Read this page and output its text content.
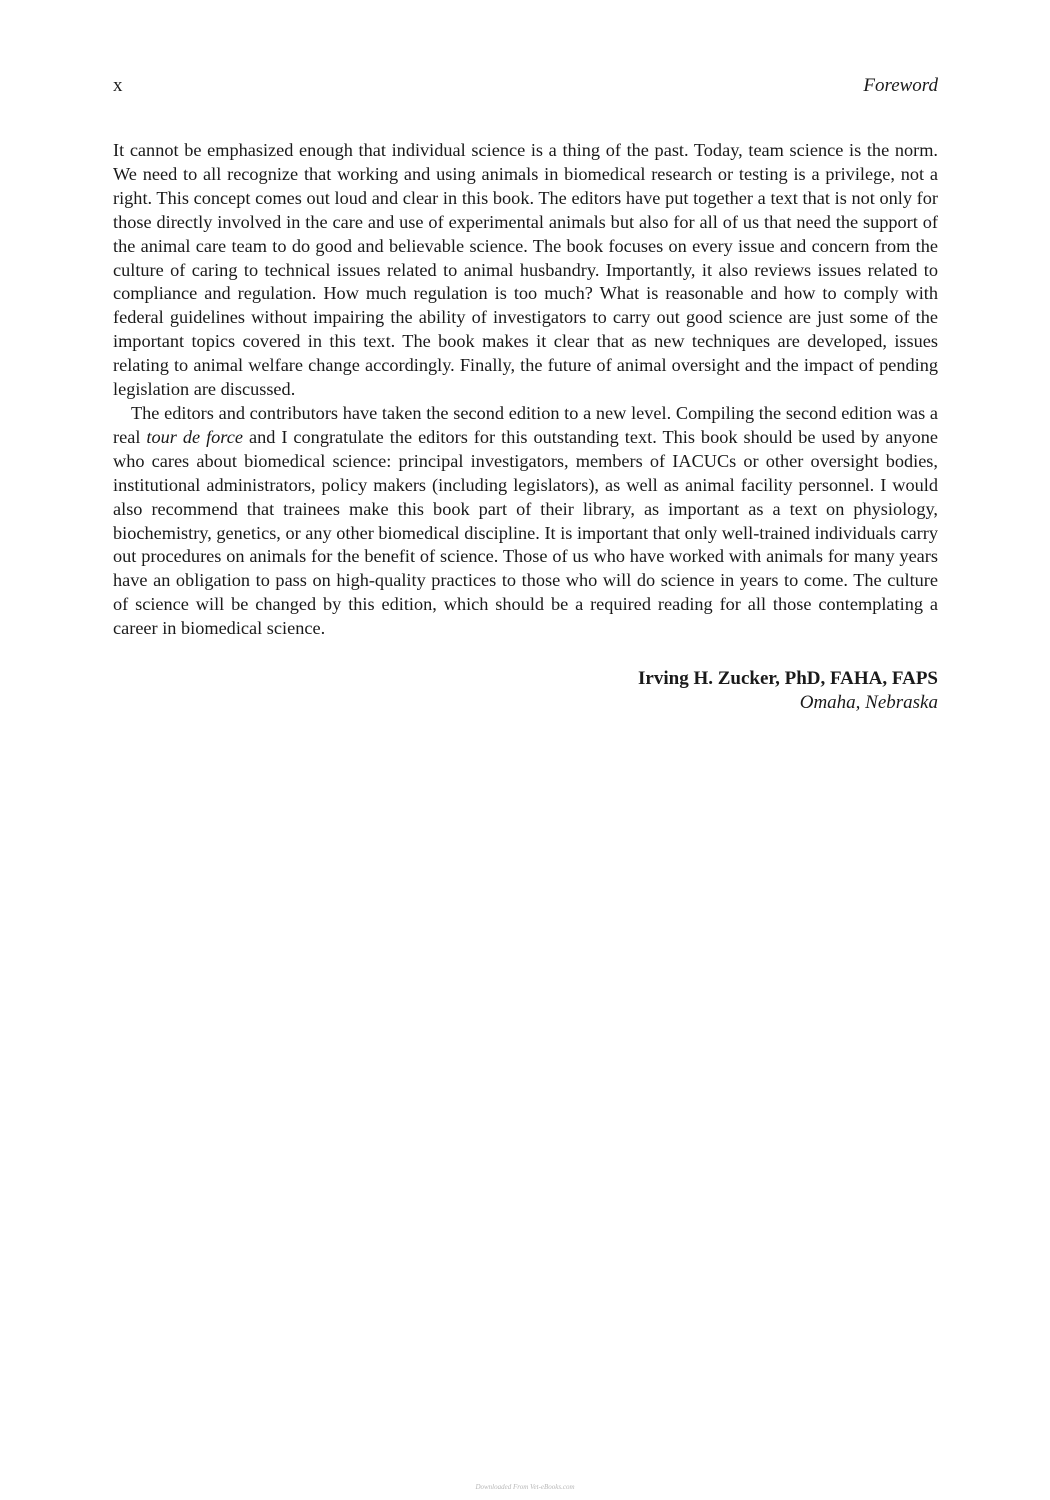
x	Foreword

It cannot be emphasized enough that individual science is a thing of the past. Today, team science is the norm. We need to all recognize that working and using animals in biomedical research or testing is a privilege, not a right. This concept comes out loud and clear in this book. The editors have put together a text that is not only for those directly involved in the care and use of experimental animals but also for all of us that need the support of the animal care team to do good and believable science. The book focuses on every issue and concern from the culture of caring to technical issues related to animal husbandry. Importantly, it also reviews issues related to compliance and regulation. How much regulation is too much? What is reasonable and how to comply with federal guidelines without impairing the ability of investigators to carry out good science are just some of the important topics covered in this text. The book makes it clear that as new techniques are developed, issues relating to animal welfare change accordingly. Finally, the future of animal oversight and the impact of pending legislation are discussed.

The editors and contributors have taken the second edition to a new level. Compiling the second edition was a real tour de force and I congratulate the editors for this outstanding text. This book should be used by anyone who cares about biomedical science: principal investigators, members of IACUCs or other oversight bodies, institutional administrators, policy makers (including legislators), as well as animal facility personnel. I would also recommend that trainees make this book part of their library, as important as a text on physiology, biochemistry, genetics, or any other biomedical discipline. It is important that only well-trained individuals carry out procedures on animals for the benefit of science. Those of us who have worked with animals for many years have an obligation to pass on high-quality practices to those who will do science in years to come. The culture of science will be changed by this edition, which should be a required reading for all those contemplating a career in biomedical science.

Irving H. Zucker, PhD, FAHA, FAPS
Omaha, Nebraska
Downloaded From Vet-eBooks.com
